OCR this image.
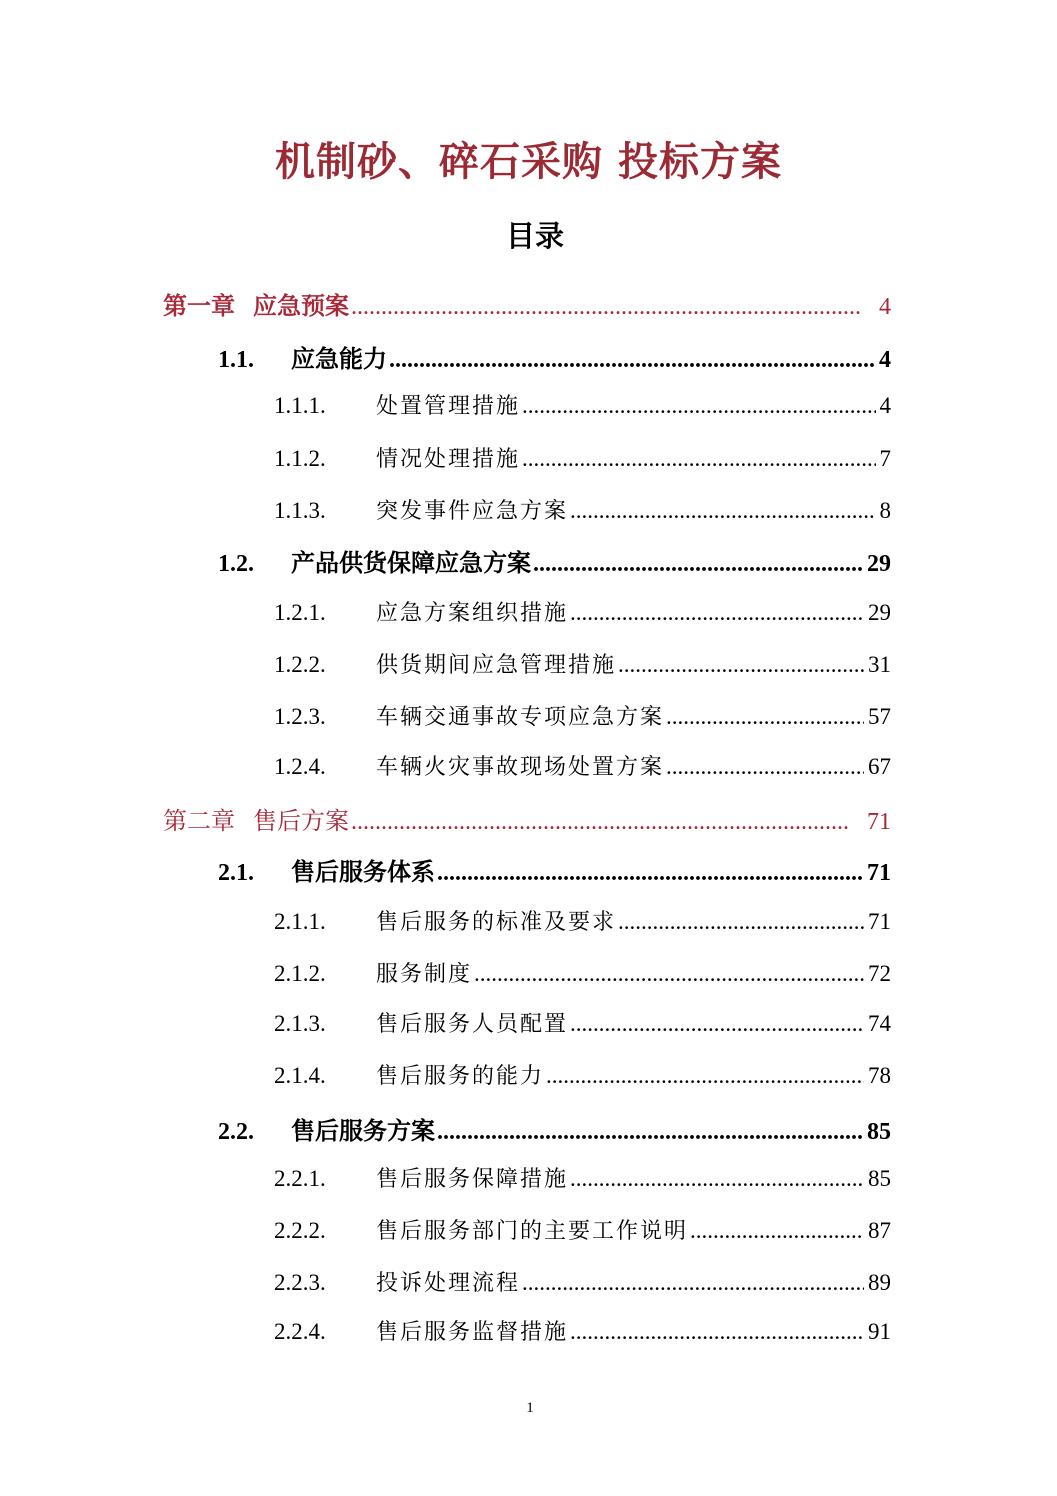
机制砂、碎石采购 投标方案
目录
第一章 应急预案 .....	4
1.1.	应急能力 .....	4
1.1.1.	处置管理措施 .....	4
1.1.2.	情况处理措施 .....	7
1.1.3.	突发事件应急方案 .....	8
1.2.	产品供货保障应急方案 .....	29
1.2.1.	应急方案组织措施 .....	29
1.2.2.	供货期间应急管理措施 .....	31
1.2.3.	车辆交通事故专项应急方案 .....	57
1.2.4.	车辆火灾事故现场处置方案 .....	67
第二章 售后方案 .....	71
2.1.	售后服务体系 .....	71
2.1.1.	售后服务的标准及要求 .....	71
2.1.2.	服务制度 .....	72
2.1.3.	售后服务人员配置 .....	74
2.1.4.	售后服务的能力 .....	78
2.2.	售后服务方案 .....	85
2.2.1.	售后服务保障措施 .....	85
2.2.2.	售后服务部门的主要工作说明 .....	87
2.2.3.	投诉处理流程 .....	89
2.2.4.	售后服务监督措施 .....	91
1
